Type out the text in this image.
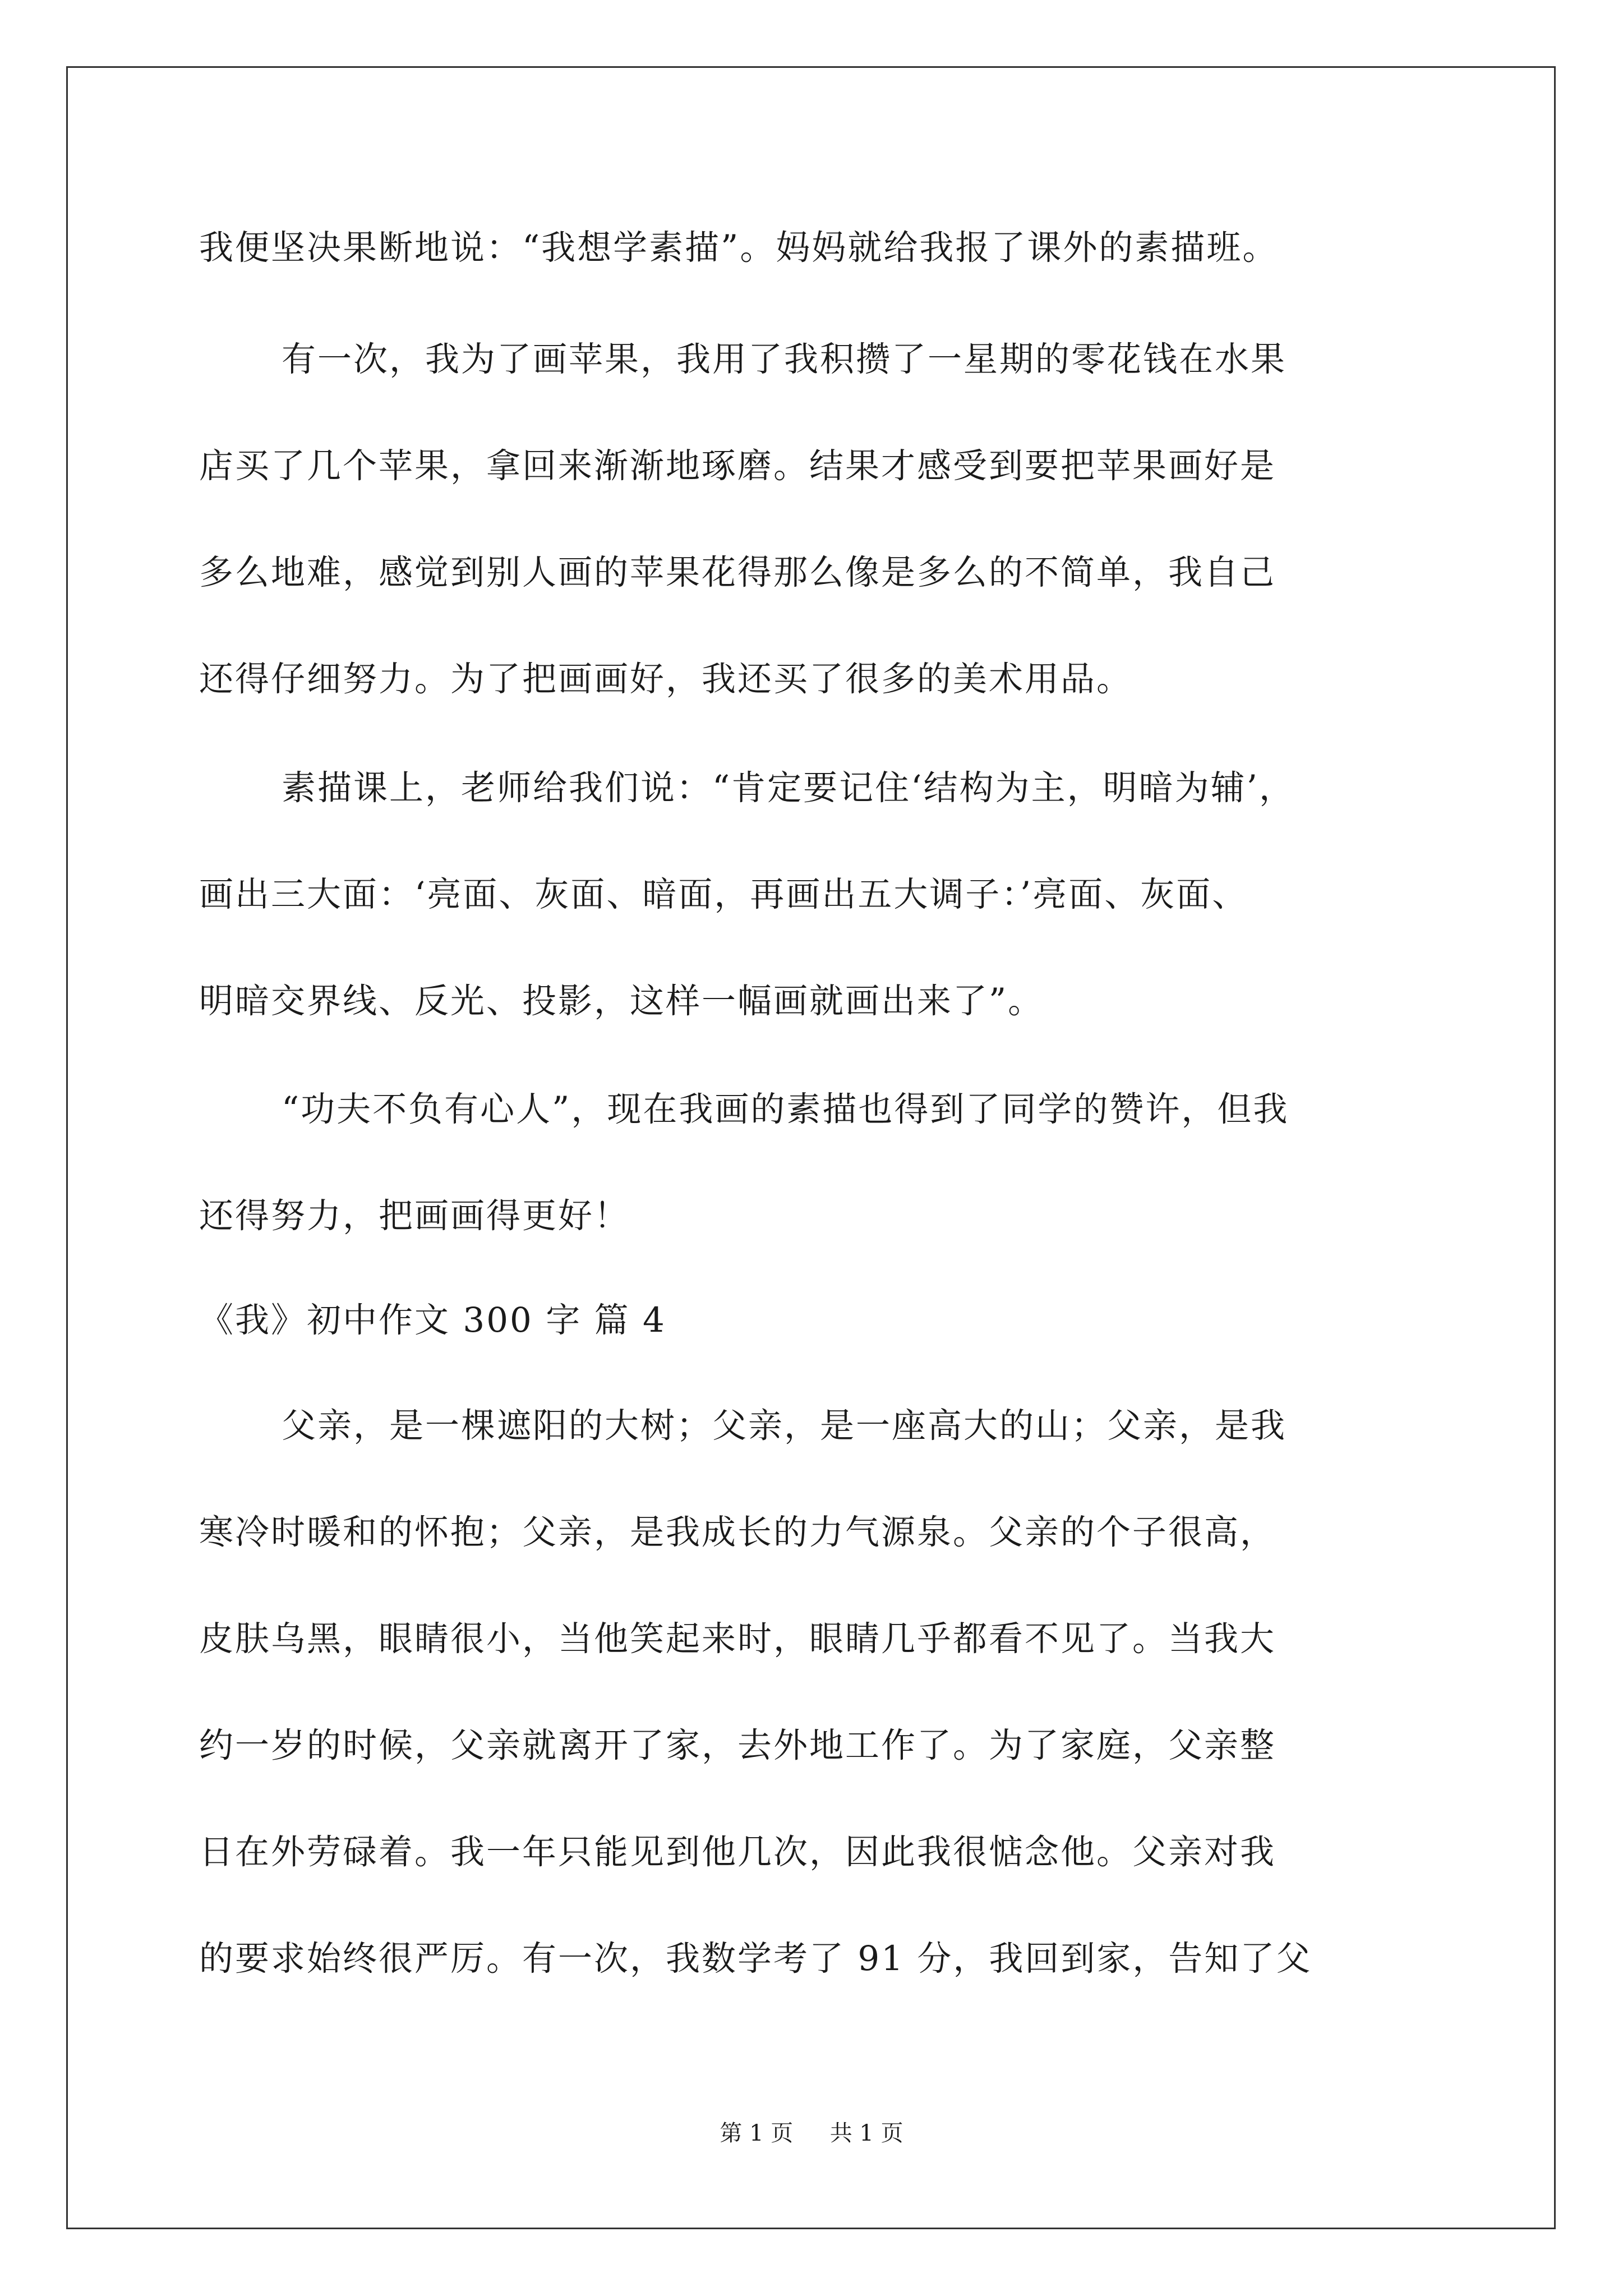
我便坚决果断地说：“我想学素描”。妈妈就给我报了课外的素描班。
有一次，我为了画苹果，我用了我积攒了一星期的零花钱在水果
店买了几个苹果，拿回来渐渐地琢磨。结果才感受到要把苹果画好是
多么地难，感觉到别人画的苹果花得那么像是多么的不简单，我自己
还得仔细努力。为了把画画好，我还买了很多的美术用品。
素描课上，老师给我们说：“肯定要记住‘结构为主，明暗为辅’，
画出三大面：‘亮面、灰面、暗面，再画出五大调子：’亮面、灰面、
明暗交界线、反光、投影，这样一幅画就画出来了”。
“功夫不负有心人”，现在我画的素描也得到了同学的赞许，但我
还得努力，把画画得更好！
《我》初中作文 300 字 篇 4
父亲，是一棵遮阳的大树；父亲，是一座高大的山；父亲，是我
寒冷时暖和的怀抱；父亲，是我成长的力气源泉。父亲的个子很高，
皮肤乌黑，眼睛很小，当他笑起来时，眼睛几乎都看不见了。当我大
约一岁的时候，父亲就离开了家，去外地工作了。为了家庭，父亲整
日在外劳碌着。我一年只能见到他几次，因此我很惦念他。父亲对我
的要求始终很严厉。有一次，我数学考了 91 分，我回到家，告知了父
第 1 页 共 1 页
